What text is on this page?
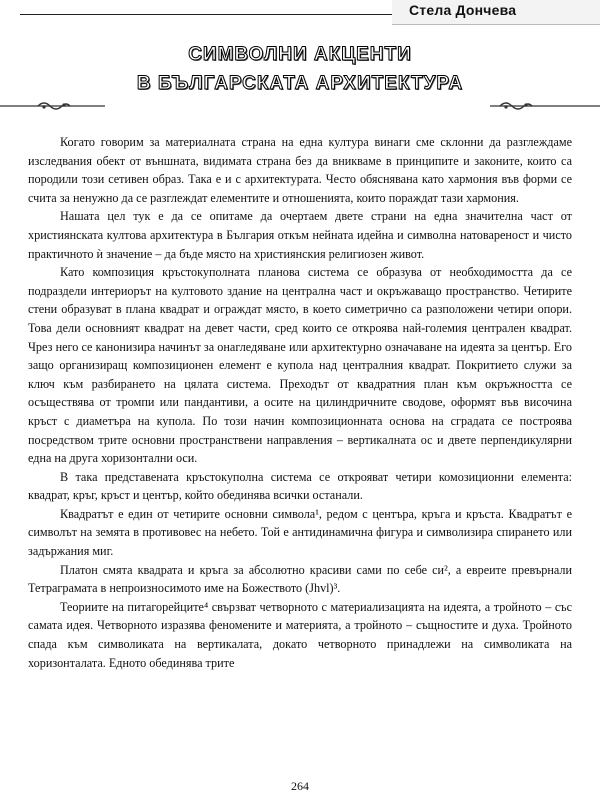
Стела Дончева
СИМВОЛНИ АКЦЕНТИ
В БЪЛГАРСКАТА АРХИТЕКТУРА

Когато говорим за материалната страна на една култура винаги сме склонни да разглеждаме изследвания обект от външната, видимата страна без да вникваме в принципите и законите, които са породили този сетивен образ. Така е и с архитектурата. Често обяснявана като хармония във форми се счита за ненужно да се разглеждат елементите и отношенията, които пораждат тази хармония.

Нашата цел тук е да се опитаме да очертаем двете страни на една значителна част от християнската култова архитектура в България откъм нейната идейна и символна натовареност и чисто практичното ѝ значение – да бъде място на християнския религиозен живот.

Като композиция кръстокуполната планова система се образува от необходимостта да се подраздели интериорът на култовото здание на централна част и окръжаващо пространство. Четирите стени образуват в плана квадрат и ограждат място, в което симетрично са разположени четири опори. Това дели основният квадрат на девет части, сред които се откроява най-големия централен квадрат. Чрез него се канонизира начинът за онагледяване или архитектурно означаване на идеята за център. Его защо организиращ композиционен елемент е купола над централния квадрат. Покритието служи за ключ към разбирането на цялата система. Преходът от квадратния план към окръжността се осъществява от тромпи или пандантиви, а осите на цилиндричните сводове, оформят във височина кръст с диаметъра на купола. По този начин композиционната основа на сградата се построява посредством трите основни пространствени направления – вертикалната ос и двете перпендикулярни една на друга хоризонтални оси.

В така представената кръстокуполна система се открояват четири комозиционни елемента: квадрат, кръг, кръст и център, който обединява всички останали.

Квадратът е един от четирите основни символа¹, редом с центъра, кръга и кръста. Квадратът е символът на земята в противовес на небето. Той е антидинамична фигура и символизира спирането или задържания миг.

Платон смята квадрата и кръга за абсолютно красиви сами по себе си², а евреите превърнали Тетраграмата в непроизносимото име на Божеството (Jhvl)³.

Теориите на питагорейците⁴ свързват четворното с материализацията на идеята, а тройното – със самата идея. Четворното изразява феномените и материята, а тройното – същностите и духа. Тройното спада към символиката на вертикалата, докато четворното принадлежи на символиката на хоризонталата. Едното обединява трите

264
